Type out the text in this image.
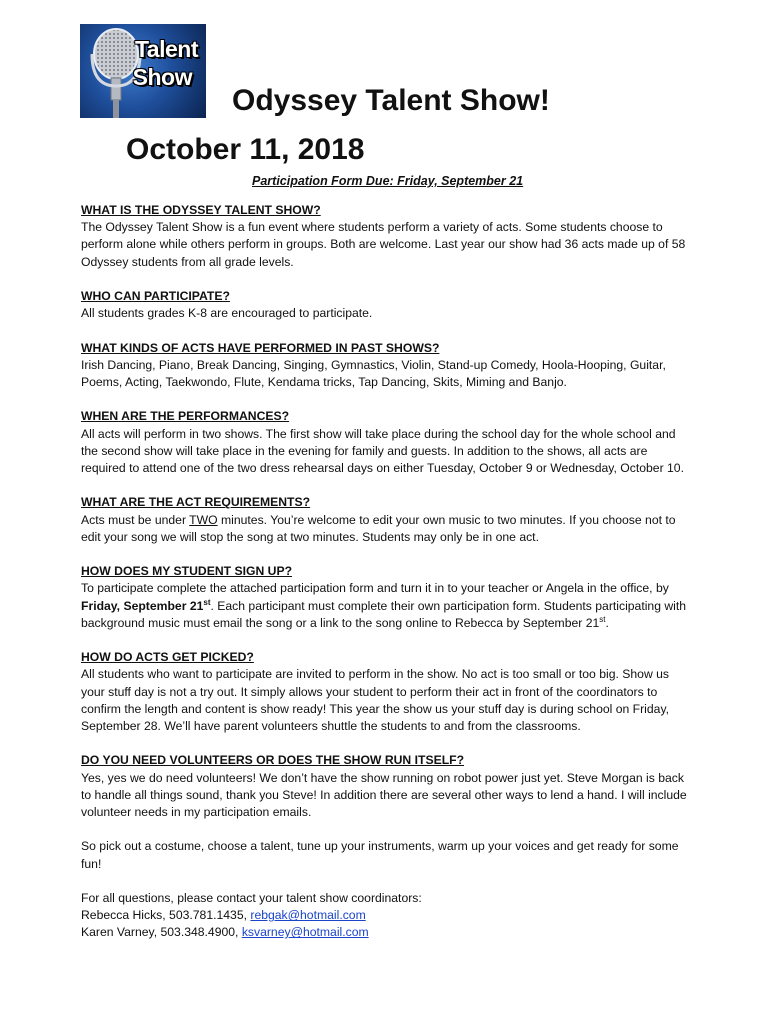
Talent
Show
Odyssey Talent Show!
October 11, 2018
Participation Form Due: Friday, September 21
WHAT IS THE ODYSSEY TALENT SHOW?
The Odyssey Talent Show is a fun event where students perform a variety of acts. Some students choose to perform alone while others perform in groups. Both are welcome. Last year our show had 36 acts made up of 58 Odyssey students from all grade levels.
WHO CAN PARTICIPATE?
All students grades K-8 are encouraged to participate.
WHAT KINDS OF ACTS HAVE PERFORMED IN PAST SHOWS?
Irish Dancing, Piano, Break Dancing, Singing, Gymnastics, Violin, Stand-up Comedy, Hoola-Hooping, Guitar, Poems, Acting, Taekwondo, Flute, Kendama tricks, Tap Dancing, Skits, Miming and Banjo.
WHEN ARE THE PERFORMANCES?
All acts will perform in two shows. The first show will take place during the school day for the whole school and the second show will take place in the evening for family and guests. In addition to the shows, all acts are required to attend one of the two dress rehearsal days on either Tuesday, October 9 or Wednesday, October 10.
WHAT ARE THE ACT REQUIREMENTS?
Acts must be under TWO minutes. You’re welcome to edit your own music to two minutes. If you choose not to edit your song we will stop the song at two minutes. Students may only be in one act.
HOW DOES MY STUDENT SIGN UP?
To participate complete the attached participation form and turn it in to your teacher or Angela in the office, by Friday, September 21st. Each participant must complete their own participation form. Students participating with background music must email the song or a link to the song online to Rebecca by September 21st.
HOW DO ACTS GET PICKED?
All students who want to participate are invited to perform in the show. No act is too small or too big. Show us your stuff day is not a try out. It simply allows your student to perform their act in front of the coordinators to confirm the length and content is show ready! This year the show us your stuff day is during school on Friday, September 28. We’ll have parent volunteers shuttle the students to and from the classrooms.
DO YOU NEED VOLUNTEERS OR DOES THE SHOW RUN ITSELF?
Yes, yes we do need volunteers! We don’t have the show running on robot power just yet. Steve Morgan is back to handle all things sound, thank you Steve! In addition there are several other ways to lend a hand. I will include volunteer needs in my participation emails.
So pick out a costume, choose a talent, tune up your instruments, warm up your voices and get ready for some fun!
For all questions, please contact your talent show coordinators:
Rebecca Hicks, 503.781.1435, rebgak@hotmail.com
Karen Varney, 503.348.4900, ksvarney@hotmail.com
